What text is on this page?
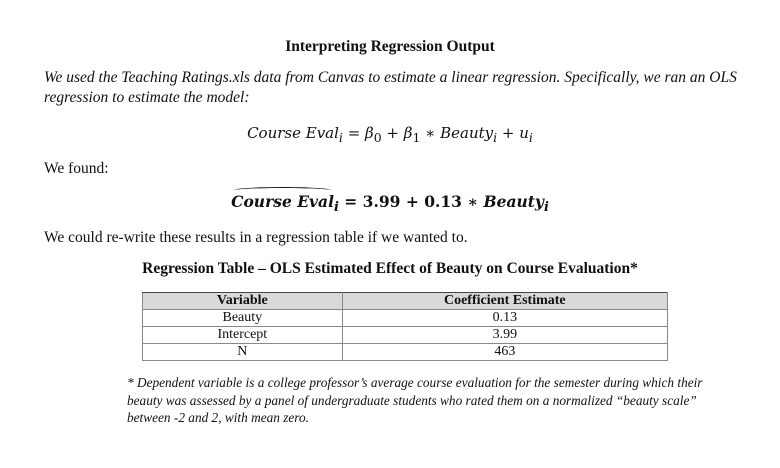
Interpreting Regression Output
We used the Teaching Ratings.xls data from Canvas to estimate a linear regression. Specifically, we ran an OLS regression to estimate the model:
Course Eval$_i$ = $\beta_0 + \beta_1$ ∗ Beauty$_i$ + $u_i$
We found:
Course Eval$_i$ = 3.99 + 0.13 ∗ Beauty$_i$
We could re-write these results in a regression table if we wanted to.
Regression Table – OLS Estimated Effect of Beauty on Course Evaluation*
Variable	Coefficient Estimate
Beauty	0.13
Intercept	3.99
N	463
* Dependent variable is a college professor’s average course evaluation for the semester during which their beauty was assessed by a panel of undergraduate students who rated them on a normalized “beauty scale” between -2 and 2, with mean zero.
